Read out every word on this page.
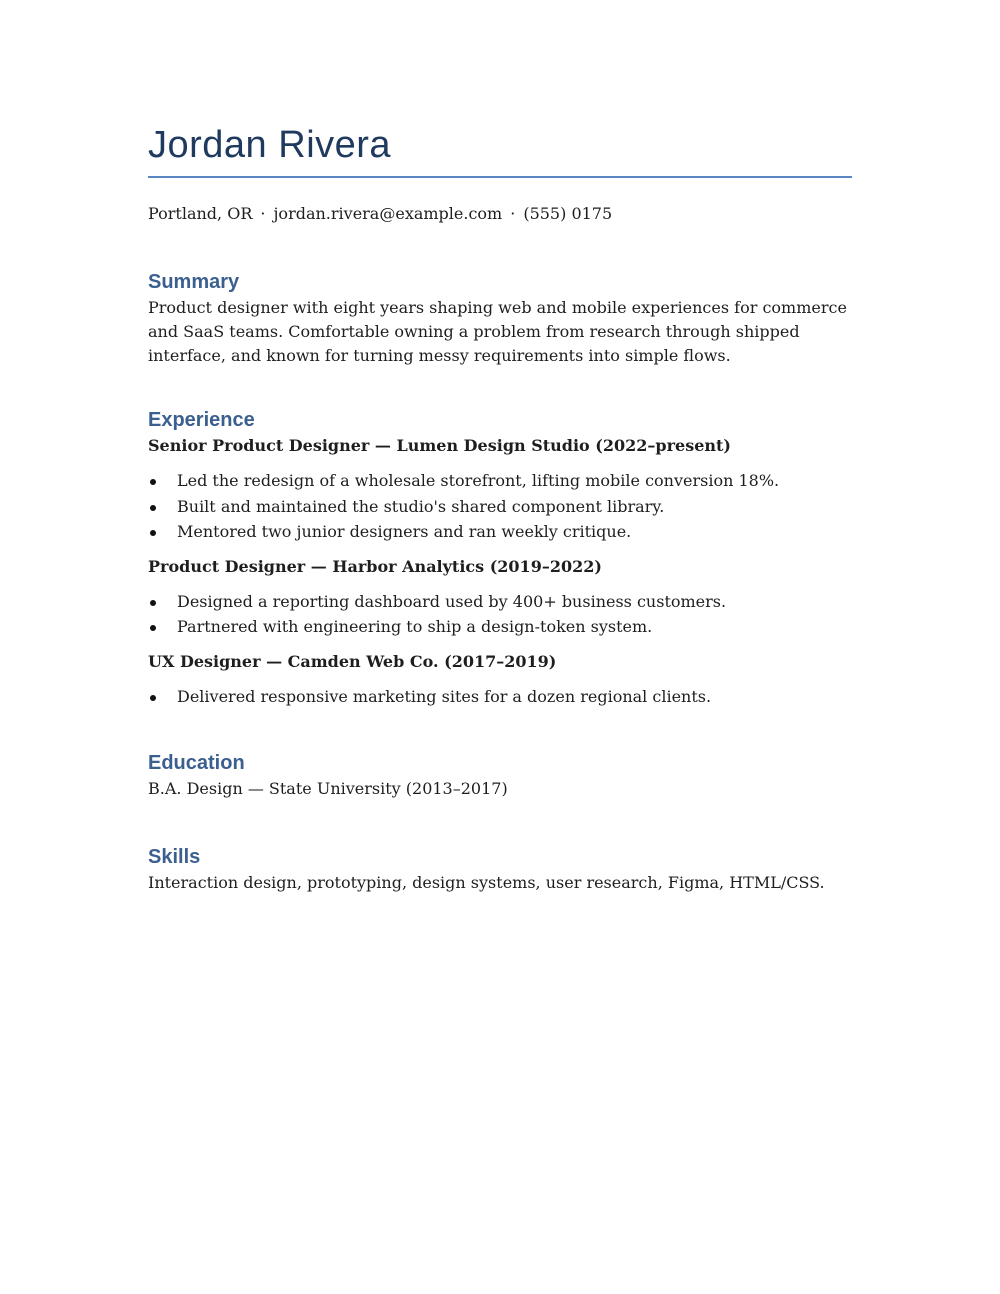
Jordan Rivera
Portland, OR · jordan.rivera@example.com · (555) 0175
Summary

Product designer with eight years shaping web and mobile experiences for commerce and SaaS teams. Comfortable owning a problem from research through shipped interface, and known for turning messy requirements into simple flows.

Experience

Senior Product Designer — Lumen Design Studio (2022–present)

Led the redesign of a wholesale storefront, lifting mobile conversion 18%.
Built and maintained the studio's shared component library.
Mentored two junior designers and ran weekly critique.

Product Designer — Harbor Analytics (2019–2022)

Designed a reporting dashboard used by 400+ business customers.
Partnered with engineering to ship a design-token system.

UX Designer — Camden Web Co. (2017–2019)

Delivered responsive marketing sites for a dozen regional clients.
Education

B.A. Design — State University (2013–2017)

Skills

Interaction design, prototyping, design systems, user research, Figma, HTML/CSS.
